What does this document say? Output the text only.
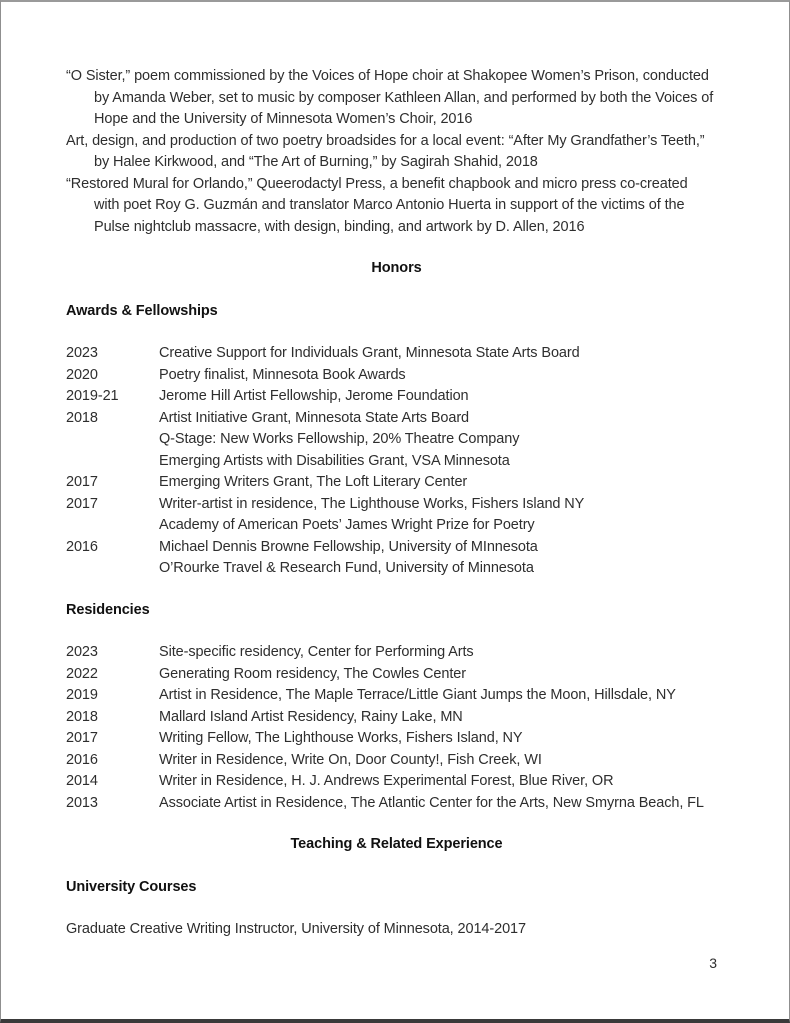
“O Sister,” poem commissioned by the Voices of Hope choir at Shakopee Women’s Prison, conducted
by Amanda Weber, set to music by composer Kathleen Allan, and performed by both the Voices of
Hope and the University of Minnesota Women’s Choir, 2016
Art, design, and production of two poetry broadsides for a local event: “After My Grandfather’s Teeth,”
by Halee Kirkwood, and “The Art of Burning,” by Sagirah Shahid, 2018
“Restored Mural for Orlando,” Queerodactyl Press, a benefit chapbook and micro press co-created
with poet Roy G. Guzmán and translator Marco Antonio Huerta in support of the victims of the
Pulse nightclub massacre, with design, binding, and artwork by D. Allen, 2016
Honors
Awards & Fellowships
2023	Creative Support for Individuals Grant, Minnesota State Arts Board
2020	Poetry finalist, Minnesota Book Awards
2019-21	Jerome Hill Artist Fellowship, Jerome Foundation
2018	Artist Initiative Grant, Minnesota State Arts Board
Q-Stage: New Works Fellowship, 20% Theatre Company
Emerging Artists with Disabilities Grant, VSA Minnesota
2017	Emerging Writers Grant, The Loft Literary Center
2017	Writer-artist in residence, The Lighthouse Works, Fishers Island NY
Academy of American Poets’ James Wright Prize for Poetry
2016	Michael Dennis Browne Fellowship, University of MInnesota
O’Rourke Travel & Research Fund, University of Minnesota
Residencies
2023	Site-specific residency, Center for Performing Arts
2022	Generating Room residency, The Cowles Center
2019	Artist in Residence, The Maple Terrace/Little Giant Jumps the Moon, Hillsdale, NY
2018	Mallard Island Artist Residency, Rainy Lake, MN
2017	Writing Fellow, The Lighthouse Works, Fishers Island, NY
2016	Writer in Residence, Write On, Door County!, Fish Creek, WI
2014	Writer in Residence, H. J. Andrews Experimental Forest, Blue River, OR
2013	Associate Artist in Residence, The Atlantic Center for the Arts, New Smyrna Beach, FL
Teaching & Related Experience
University Courses
Graduate Creative Writing Instructor, University of Minnesota, 2014-2017
3
